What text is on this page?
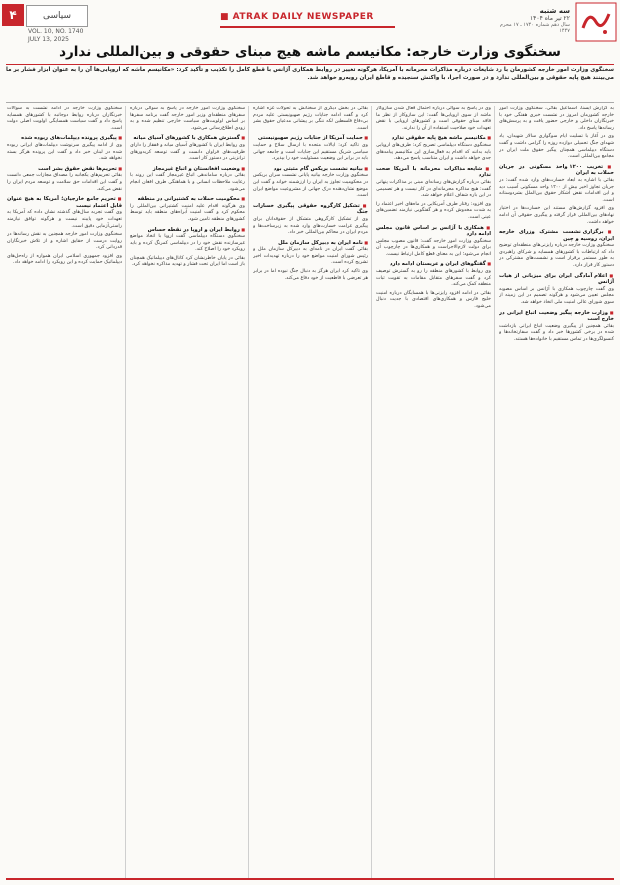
۴	سیاسی
VOL. 10, NO. 1740
JULY 13, 2025
■ ATRAK DAILY NEWSPAPER
سه شنبه
۲۲ تیر ماه ۱۴۰۴
سال دهم شماره ۱۷۴۰ ـ ۱۷ محرم ۱۴۴۷
سخنگوی وزارت خارجه: مکانیسم ماشه هیج مبنای حقوقی و بین‌المللی ندارد
سخنگوی وزارت امور خارجه کشورمان با رد شایعات درباره مذاکرات محرمانه با آمریکا، هرگونه تغییر در روابط همکاری آژانس با قطع کامل را تکذیب و تأکید کرد: «مکانیسم ماشه که اروپایی‌ها آن را به عنوان ابزار فشار بر ما می‌بینند هیچ پایه حقوقی و بین‌المللی ندارد و در صورت اجرا، با واکنش سنجیده و قاطع ایران روبه‌رو خواهد شد.

به گزارش ایسنا، اسماعیل بقائی، سخنگوی وزارت امور خارجه کشورمان امروز در نشست خبری هفتگی خود با خبرنگاران داخلی و خارجی حضور یافت و به پرسش‌های رسانه‌ها پاسخ داد.

وی در آغاز با تسلیت ایام سوگواری سالار شهیدان، یاد شهدای جنگ تحمیلی دوازده روزه را گرامی داشت و گفت دستگاه دیپلماسی همچنان پیگیر حقوق ملت ایران در مجامع بین‌المللی است.

■ تخریب ۱۲۰۰ واحد مسکونی در جریان حملات به ایران

بقائی با اشاره به ابعاد خسارت‌های وارد شده گفت: در جریان تجاوز اخیر بیش از ۱۲۰۰ واحد مسکونی آسیب دید و این اقدامات نقض آشکار حقوق بین‌الملل بشردوستانه است.

وی افزود گزارش‌های مستند این خسارت‌ها در اختیار نهادهای بین‌المللی قرار گرفته و پیگیری حقوقی آن ادامه خواهد داشت.

■ برگزاری نشست مشترک وزرای خارجه ایران، روسیه و چین

سخنگوی وزارت خارجه درباره رایزنی‌های منطقه‌ای توضیح داد که ارتباطات با کشورهای همسایه و شرکای راهبردی به طور مستمر برقرار است و نشست‌های مشترکی در دستور کار قرار دارد.

■ اعلام آمادگی ایران برای میزبانی از هیات آژانس

وی گفت چارچوب همکاری با آژانس بر اساس مصوبه مجلس تعیین می‌شود و هرگونه تصمیم در این زمینه از سوی شورای عالی امنیت ملی اتخاذ خواهد شد.

■ وزارت خارجه پیگیر وضعیت اتباع ایرانی در خارج است

بقائی همچنین از پیگیری وضعیت اتباع ایرانی بازداشت شده در برخی کشورها خبر داد و گفت سفارتخانه‌ها و کنسولگری‌ها در تماس مستقیم با خانواده‌ها هستند.

وی در پاسخ به سوالی درباره احتمال فعال شدن سازوکار ماشه از سوی اروپایی‌ها گفت: این سازوکار از نظر ما فاقد مبنای حقوقی است و کشورهای اروپایی با نقض تعهدات خود صلاحیت استفاده از آن را ندارند.

■ مکانیسم ماشه هیچ پایه حقوقی ندارد

سخنگوی دستگاه دیپلماسی تصریح کرد: طرف‌های اروپایی باید بدانند که اقدام به فعال‌سازی این مکانیسم پیامدهای جدی خواهد داشت و ایران متناسب پاسخ می‌دهد.

■ شایعه مذاکرات محرمانه با آمریکا صحت ندارد

بقائی درباره گزارش‌های رسانه‌ای مبنی بر مذاکرات پنهانی گفت: هیچ مذاکره محرمانه‌ای در کار نیست و هر تصمیمی در این باره شفاف اعلام خواهد شد.

وی افزود: رفتار طرف آمریکایی در ماه‌های اخیر اعتماد را به شدت مخدوش کرده و هر گفتگویی نیازمند تضمین‌های عینی است.

■ همکاری با آژانس بر اساس قانون مجلس ادامه دارد

سخنگوی وزارت امور خارجه گفت: قانون مصوب مجلس برای دولت لازم‌الاجراست و همکاری‌ها در چارچوب آن انجام می‌شود؛ این به معنای قطع کامل ارتباط نیست.

■ گفتگوهای ایران و عربستان ادامه دارد

وی روابط با کشورهای منطقه را رو به گسترش توصیف کرد و گفت سفرهای متقابل مقامات به تقویت ثبات منطقه کمک می‌کند.

بقائی در ادامه افزود رایزنی‌ها با همسایگان درباره امنیت خلیج فارس و همکاری‌های اقتصادی با جدیت دنبال می‌شود.

بقائی در بخش دیگری از سخنانش به تحولات غزه اشاره کرد و گفت ادامه جنایات رژیم صهیونیستی علیه مردم بی‌دفاع فلسطین لکه ننگی بر پیشانی مدعیان حقوق بشر است.

■ حمایت آمریکا از جنایات رژیم صهیونیستی

وی تاکید کرد: ایالات متحده با ارسال سلاح و حمایت سیاسی شریک مستقیم این جنایات است و جامعه جهانی باید در برابر این وضعیت مسئولیت خود را بپذیرد.

■ بیانیه نشست بریکس گام مثبتی بود

سخنگوی وزارت خارجه بیانیه پایانی نشست سران بریکس در محکومیت تجاوز به ایران را ارزشمند خواند و گفت این موضع نشان‌دهنده درک جهانی از مشروعیت مواضع ایران است.

■ تشکیل کارگروه حقوقی پیگیری خسارات جنگ

وی از تشکیل کارگروهی متشکل از حقوقدانان برای پیگیری غرامت خسارت‌های وارد شده به زیرساخت‌ها و مردم ایران در محاکم بین‌المللی خبر داد.

■ نامه ایران به دبیرکل سازمان ملل

بقائی گفت ایران در نامه‌ای به دبیرکل سازمان ملل و رئیس شورای امنیت مواضع خود را درباره تهدیدات اخیر تشریح کرده است.

وی تاکید کرد ایران هرگز به دنبال جنگ نبوده اما در برابر هر تعرضی با قاطعیت از خود دفاع می‌کند.

سخنگوی وزارت امور خارجه در پاسخ به سوالی درباره سفرهای منطقه‌ای وزیر امور خارجه گفت برنامه سفرها بر اساس اولویت‌های سیاست خارجی تنظیم شده و به زودی اطلاع‌رسانی می‌شود.

■ گسترش همکاری با کشورهای آسیای میانه

وی روابط ایران با کشورهای آسیای میانه و قفقاز را دارای ظرفیت‌های فراوان دانست و گفت توسعه کریدورهای ترانزیتی در دستور کار است.

■ وضعیت افغانستان و اتباع غیرمجاز

بقائی درباره ساماندهی اتباع غیرمجاز گفت این روند با رعایت ملاحظات انسانی و با هماهنگی طرف افغان انجام می‌شود.

■ محکومیت حملات به کشتیرانی در منطقه

وی هرگونه اقدام علیه امنیت کشتیرانی بین‌المللی را محکوم کرد و گفت امنیت آبراه‌های منطقه باید توسط کشورهای منطقه تامین شود.

■ روابط ایران و اروپا در نقطه حساس

سخنگوی دستگاه دیپلماسی گفت اروپا با اتخاذ مواضع غیرسازنده نقش خود را در دیپلماسی کمرنگ کرده و باید رویکرد خود را اصلاح کند.

بقائی در پایان خاطرنشان کرد کانال‌های دیپلماتیک همچنان باز است اما ایران تحت فشار و تهدید مذاکره نخواهد کرد.

سخنگوی وزارت خارجه در ادامه نشست به سوالات خبرنگاران درباره روابط دوجانبه با کشورهای همسایه پاسخ داد و گفت سیاست همسایگی اولویت اصلی دولت است.

■ پیگیری پرونده دیپلمات‌های ربوده شده

وی از ادامه پیگیری سرنوشت دیپلمات‌های ایرانی ربوده شده در لبنان خبر داد و گفت این پرونده هرگز بسته نخواهد شد.

■ تحریم‌ها نقض حقوق بشر است

بقائی تحریم‌های یکجانبه را مصداق مجازات جمعی دانست و گفت این اقدامات حق سلامت و توسعه مردم ایران را نقض می‌کند.

■ تحریم جامع خارجیان؛ آمریکا به هیچ عنوان قابل اعتماد نیست

وی گفت تجربه سال‌های گذشته نشان داده که آمریکا به تعهدات خود پایبند نیست و هرگونه توافق نیازمند راستی‌آزمایی دقیق است.

سخنگوی وزارت امور خارجه همچنین به نقش رسانه‌ها در روایت درست از حقایق اشاره و از تلاش خبرنگاران قدردانی کرد.

وی افزود جمهوری اسلامی ایران همواره از راه‌حل‌های دیپلماتیک حمایت کرده و این رویکرد را ادامه خواهد داد.
